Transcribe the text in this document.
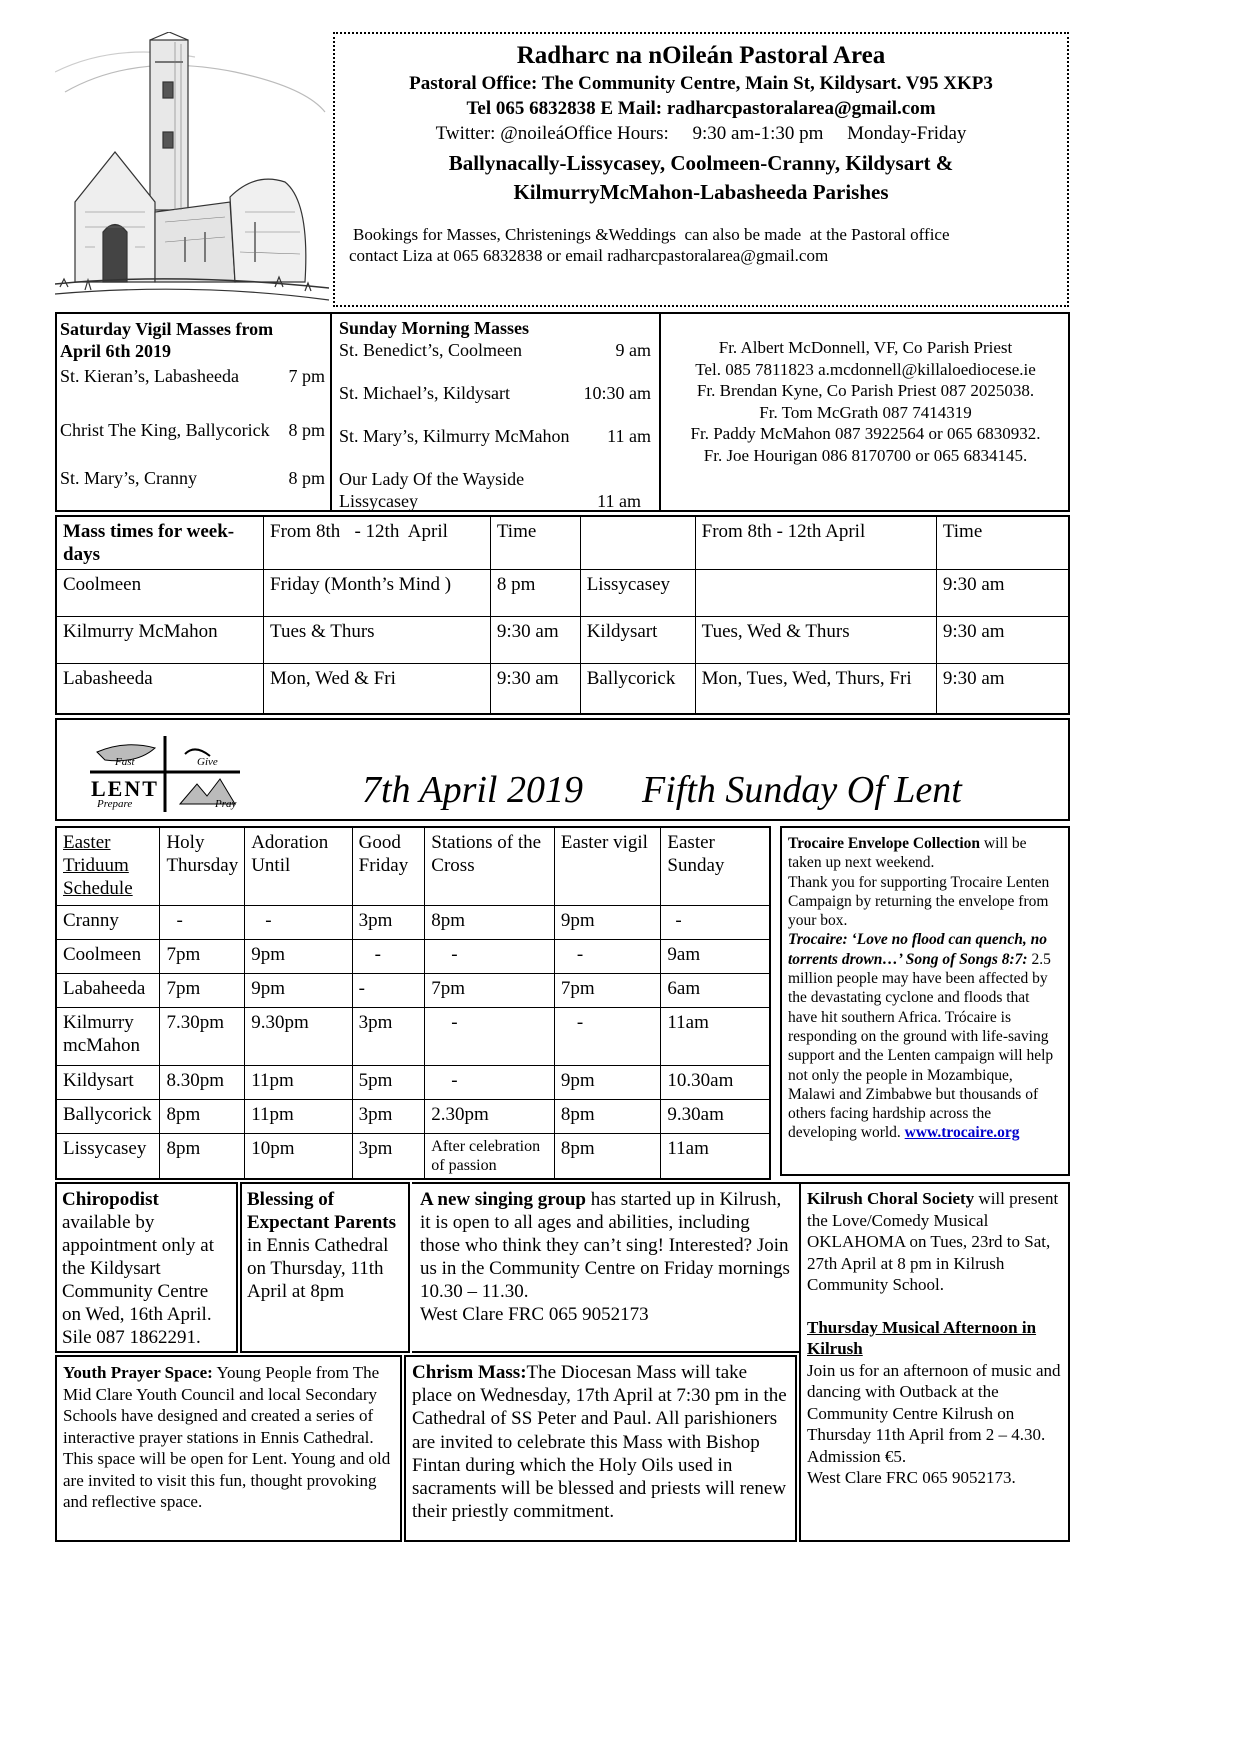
Radharc na nOileán Pastoral Area
Pastoral Office: The Community Centre, Main St, Kildysart. V95 XKP3
Tel 065 6832838 E Mail: radharcpastoralarea@gmail.com
Twitter: @noileáOffice Hours:     9:30 am-1:30 pm     Monday-Friday
Ballynacally-Lissycasey, Coolmeen-Cranny, Kildysart &
KilmurryMcMahon-Labasheeda Parishes
Bookings for Masses, Christenings &Weddings  can also be made  at the Pastoral office
contact Liza at 065 6832838 or email radharcpastoralarea@gmail.com
Saturday Vigil Masses from April 6th 2019
St. Kieran’s, Labasheeda	7 pm
Christ The King, Ballycorick 8 pm
St. Mary’s, Cranny	8 pm
Sunday Morning Masses
St. Benedict’s, Coolmeen	9 am
St. Michael’s, Kildysart	10:30 am
St. Mary’s, Kilmurry McMahon 11 am
Our Lady Of the Wayside
Lissycasey	11 am
Fr. Albert McDonnell, VF, Co Parish Priest
Tel. 085 7811823 a.mcdonnell@killaloediocese.ie
Fr. Brendan Kyne, Co Parish Priest 087 2025038.
Fr. Tom McGrath 087 7414319
Fr. Paddy McMahon 087 3922564 or 065 6830932.
Fr. Joe Hourigan 086 8170700 or 065 6834145.
Mass times for week-days	From 8th   - 12th  April	Time		From 8th - 12th April	Time
Coolmeen	Friday (Month’s Mind )	8 pm	Lissycasey		9:30 am
Kilmurry McMahon	Tues & Thurs	9:30 am	Kildysart	Tues, Wed & Thurs	9:30 am
Labasheeda	Mon, Wed & Fri	9:30 am	Ballycorick	Mon, Tues, Wed, Thurs, Fri	9:30 am
Fast	Give
LENT
Prepare	Pray	7th April 2019 Fifth Sunday Of Lent
Easter Triduum Schedule	Holy Thursday	Adoration Until	Good Friday	Stations of the Cross	Easter vigil	Easter Sunday
Cranny	-	-	3pm	8pm	9pm	-
Coolmeen	7pm	9pm	-	-	-	9am
Labaheeda	7pm	9pm	-	7pm	7pm	6am
Kilmurry mcMahon	7.30pm	9.30pm	3pm	-	-	11am
Kildysart	8.30pm	11pm	5pm	-	9pm	10.30am
Ballycorick	8pm	11pm	3pm	2.30pm	8pm	9.30am
Lissycasey	8pm	10pm	3pm	After celebration of passion	8pm	11am
Trocaire Envelope Collection will be taken up next weekend.
Thank you for supporting Trocaire Lenten Campaign by returning the envelope from your box.
Trocaire: ‘Love no flood can quench, no torrents drown…’ Song of Songs 8:7: 2.5 million people may have been affected by the devastating cyclone and floods that have hit southern Africa. Trócaire is responding on the ground with life-saving support and the Lenten campaign will help not only the people in Mozambique, Malawi and Zimbabwe but thousands of others facing hardship across the developing world. www.trocaire.org
Chiropodist available by appointment only at the Kildysart Community Centre on Wed, 16th April. Sile 087 1862291.
Blessing of Expectant Parents in Ennis Cathedral on Thursday, 11th April at 8pm
A new singing group has started up in Kilrush, it is open to all ages and abilities, including those who think they can’t sing! Interested? Join us in the Community Centre on Friday mornings 10.30 – 11.30.
West Clare FRC 065 9052173
Kilrush Choral Society will present the Love/Comedy Musical OKLAHOMA on Tues, 23rd to Sat, 27th April at 8 pm in Kilrush Community School.
Thursday Musical Afternoon in Kilrush
Join us for an afternoon of music and dancing with Outback at the Community Centre Kilrush on Thursday 11th April from 2 – 4.30.
Admission €5.
West Clare FRC 065 9052173.
Youth Prayer Space: Young People from The Mid Clare Youth Council and local Secondary Schools have designed and created a series of interactive prayer stations in Ennis Cathedral. This space will be open for Lent. Young and old are invited to visit this fun, thought provoking and reflective space.
Chrism Mass:The Diocesan Mass will take place on Wednesday, 17th April at 7:30 pm in the Cathedral of SS Peter and Paul. All parishioners are invited to celebrate this Mass with Bishop Fintan during which the Holy Oils used in sacraments will be blessed and priests will renew their priestly commitment.
